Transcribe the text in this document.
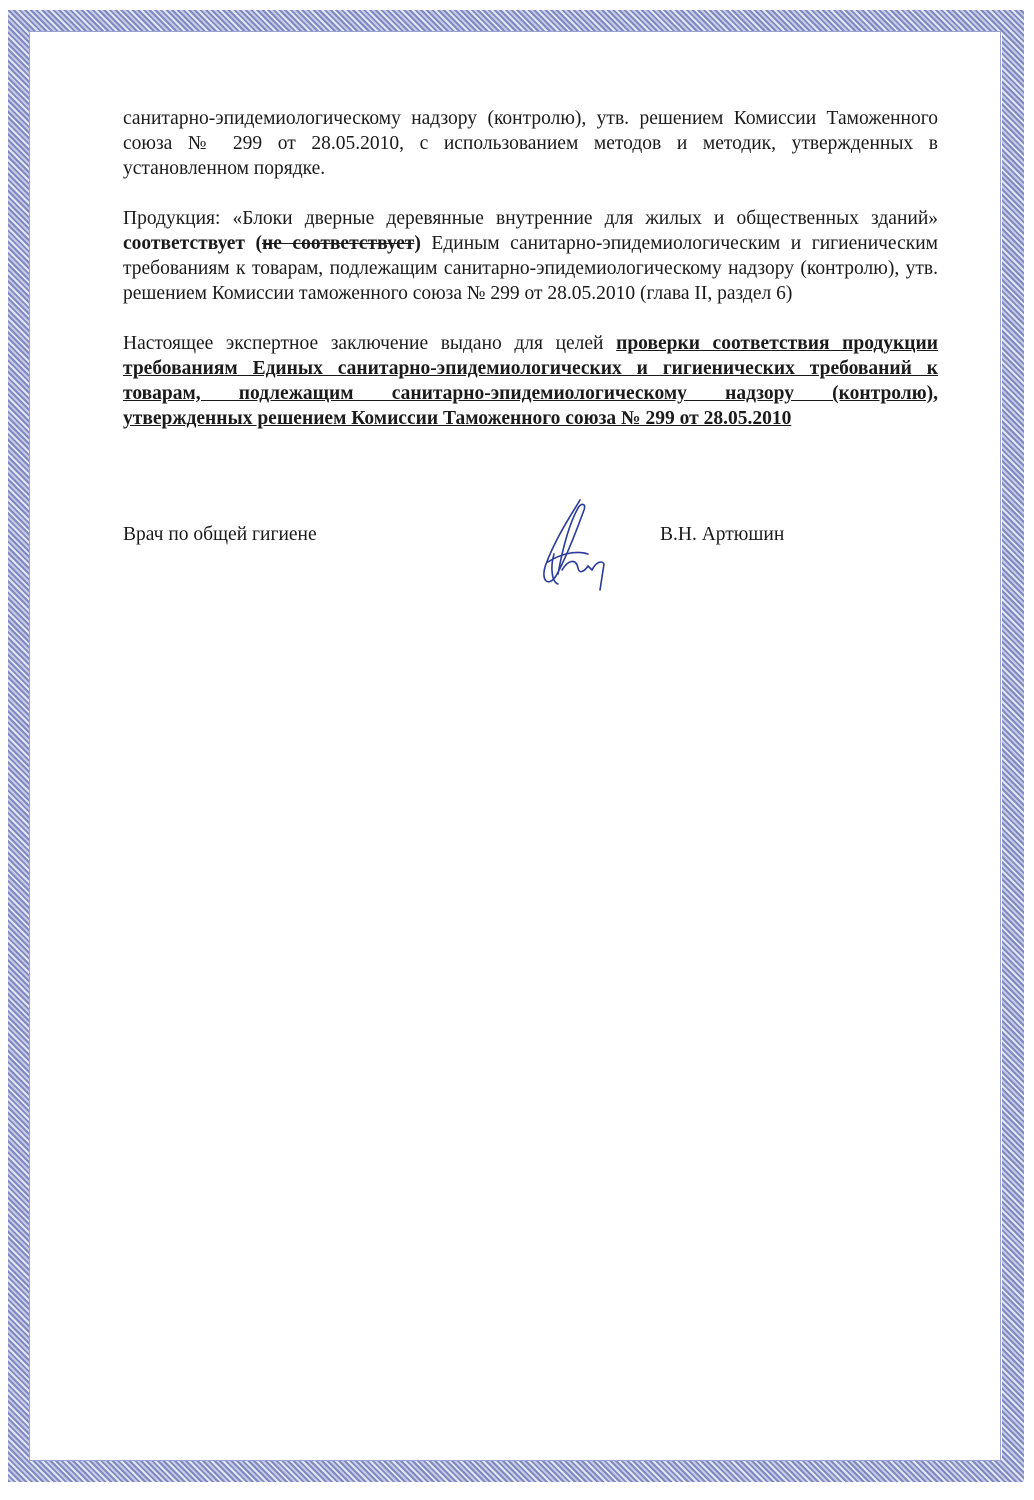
санитарно-эпидемиологическому надзору (контролю), утв. решением Комиссии Таможенного союза № 299 от 28.05.2010, с использованием методов и методик, утвержденных в установленном порядке.

Продукция: «Блоки дверные деревянные внутренние для жилых и общественных зданий» соответствует (не соответствует) Единым санитарно-эпидемиологическим и гигиеническим требованиям к товарам, подлежащим санитарно-эпидемиологическому надзору (контролю), утв. решением Комиссии таможенного союза № 299 от 28.05.2010 (глава II, раздел 6)

Настоящее экспертное заключение выдано для целей проверки соответствия продукции требованиям Единых санитарно-эпидемиологических и гигиенических требований к товарам, подлежащим санитарно-эпидемиологическому надзору (контролю), утвержденных решением Комиссии Таможенного союза № 299 от 28.05.2010

Врач по общей гигиене	В.Н. Артюшин
